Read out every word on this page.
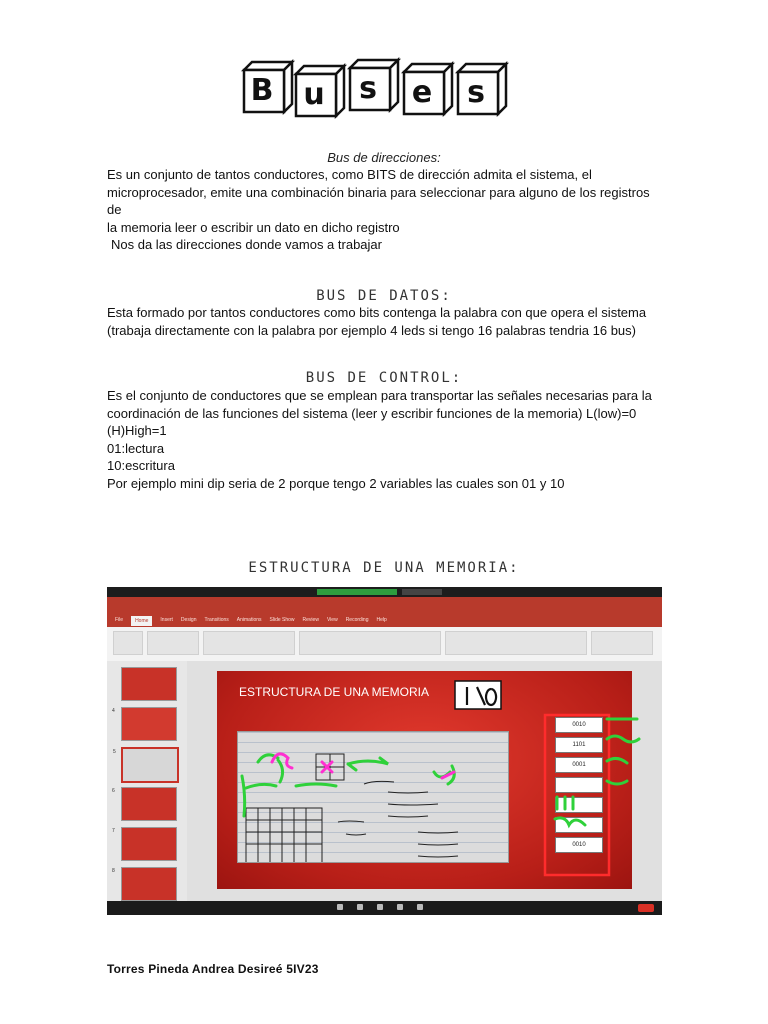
B u	s	e	s
Bus de direcciones:

Es un conjunto de tantos conductores, como BITS de dirección admita el sistema, el

microprocesador, emite una combinación binaria para seleccionar para alguno de los registros de

la memoria leer o escribir un dato en dicho registro

Nos da las direcciones donde vamos a trabajar

BUS DE DATOS:

Esta formado por tantos conductores como bits contenga la palabra con que opera el sistema

(trabaja directamente con la palabra por ejemplo 4 leds si tengo 16 palabras tendria 16 bus)

BUS DE CONTROL:

Es el conjunto de conductores que se emplean para transportar las señales necesarias para la

coordinación de las funciones del sistema (leer y escribir funciones de la memoria) L(low)=0

(H)High=1

01:lectura

10:escritura

Por ejemplo mini dip seria de 2 porque tengo 2 variables las cuales son 01 y 10

ESTRUCTURA DE UNA MEMORIA:
File	Home	Insert Design Transitions Animations Slide Show Review View Recording Help
4
5
6
7
8
ESTRUCTURA DE UNA MEMORIA
0010
1101
0001
0010
Torres Pineda Andrea Desireé 5IV23
